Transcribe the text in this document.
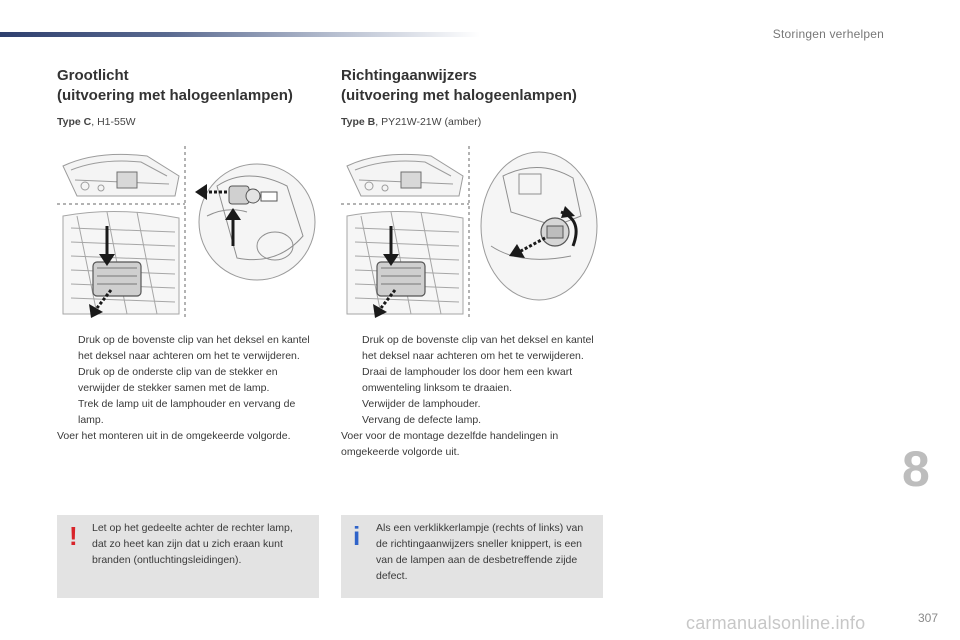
Storingen verhelpen
Grootlicht
(uitvoering met halogeenlampen)
Type C, H1-55W
Druk op de bovenste clip van het deksel en kantel het deksel naar achteren om het te verwijderen.
Druk op de onderste clip van de stekker en verwijder de stekker samen met de lamp.
Trek de lamp uit de lamphouder en vervang de lamp.
Voer het monteren uit in de omgekeerde volgorde.
Richtingaanwijzers
(uitvoering met halogeenlampen)
Type B, PY21W-21W (amber)
Druk op de bovenste clip van het deksel en kantel het deksel naar achteren om het te verwijderen.
Draai de lamphouder los door hem een kwart omwenteling linksom te draaien.
Verwijder de lamphouder.
Vervang de defecte lamp.
Voer voor de montage dezelfde handelingen in omgekeerde volgorde uit.
! Let op het gedeelte achter de rechter lamp, dat zo heet kan zijn dat u zich eraan kunt branden (ontluchtingsleidingen).
i Als een verklikkerlampje (rechts of links) van de richtingaanwijzers sneller knippert, is een van de lampen aan de desbetreffende zijde defect.
8
carmanualsonline.info	307
